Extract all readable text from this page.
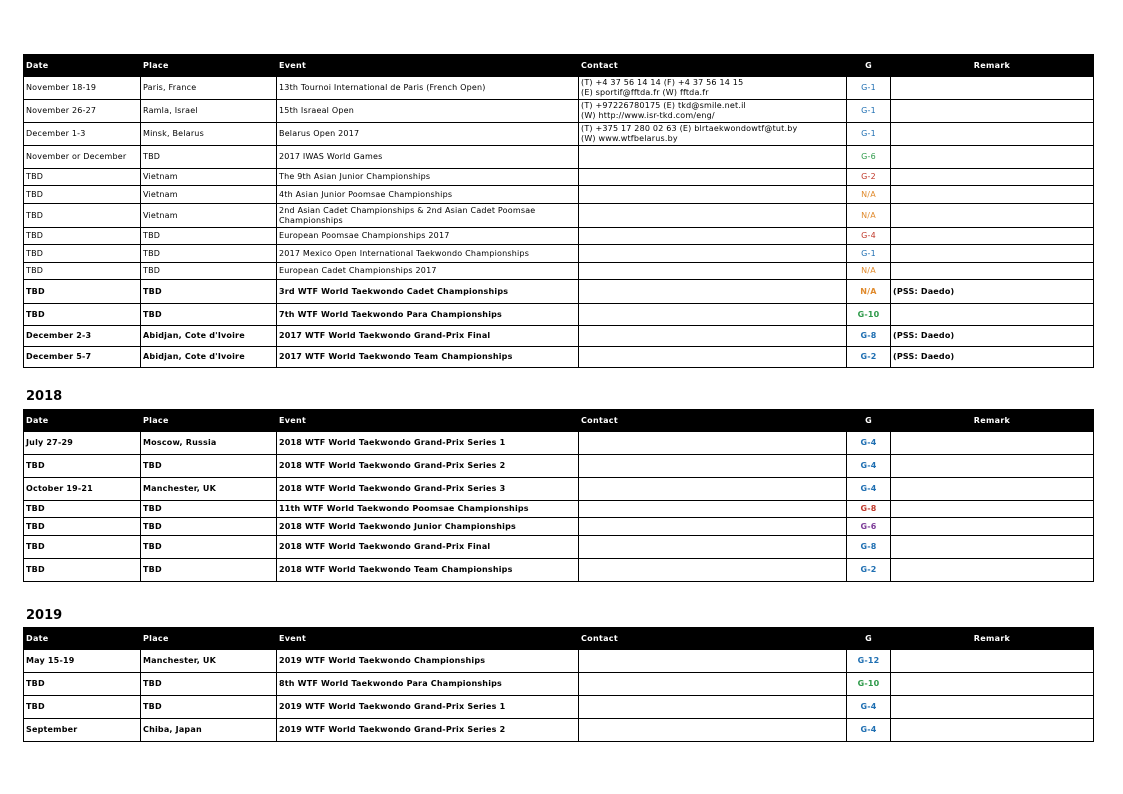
Date	Place	Event	Contact	G	Remark
November 18-19	Paris, France	13th Tournoi International de Paris (French Open)	(T) +4 37 56 14 14 (F) +4 37 56 14 15
(E) sportif@fftda.fr (W) fftda.fr	G-1	
November 26-27	Ramla, Israel	15th Israeal Open	(T) +97226780175 (E) tkd@smile.net.il
(W) http://www.isr-tkd.com/eng/	G-1	
December 1-3	Minsk, Belarus	Belarus Open 2017	(T) +375 17 280 02 63 (E) blrtaekwondowtf@tut.by
(W) www.wtfbelarus.by	G-1	
November or December	TBD	2017 IWAS World Games		G-6	
TBD	Vietnam	The 9th Asian Junior Championships		G-2	
TBD	Vietnam	4th Asian Junior Poomsae Championships		N/A	
TBD	Vietnam	2nd Asian Cadet Championships & 2nd Asian Cadet Poomsae Championships		N/A	
TBD	TBD	European Poomsae Championships 2017		G-4	
TBD	TBD	2017 Mexico Open International Taekwondo Championships		G-1	
TBD	TBD	European Cadet Championships 2017		N/A	
TBD	TBD	3rd WTF World Taekwondo Cadet Championships		N/A	(PSS: Daedo)
TBD	TBD	7th WTF World Taekwondo Para Championships		G-10	
December 2-3	Abidjan, Cote d'Ivoire	2017 WTF World Taekwondo Grand-Prix Final		G-8	(PSS: Daedo)
December 5-7	Abidjan, Cote d'Ivoire	2017 WTF World Taekwondo Team Championships		G-2	(PSS: Daedo)
2018
Date	Place	Event	Contact	G	Remark
July 27-29	Moscow, Russia	2018 WTF World Taekwondo Grand-Prix Series 1		G-4	
TBD	TBD	2018 WTF World Taekwondo Grand-Prix Series 2		G-4	
October 19-21	Manchester, UK	2018 WTF World Taekwondo Grand-Prix Series 3		G-4	
TBD	TBD	11th WTF World Taekwondo Poomsae Championships		G-8	
TBD	TBD	2018 WTF World Taekwondo Junior Championships		G-6	
TBD	TBD	2018 WTF World Taekwondo Grand-Prix Final		G-8	
TBD	TBD	2018 WTF World Taekwondo Team Championships		G-2	
2019
Date	Place	Event	Contact	G	Remark
May 15-19	Manchester, UK	2019 WTF World Taekwondo Championships		G-12	
TBD	TBD	8th WTF World Taekwondo Para Championships		G-10	
TBD	TBD	2019 WTF World Taekwondo Grand-Prix Series 1		G-4	
September	Chiba, Japan	2019 WTF World Taekwondo Grand-Prix Series 2		G-4	
